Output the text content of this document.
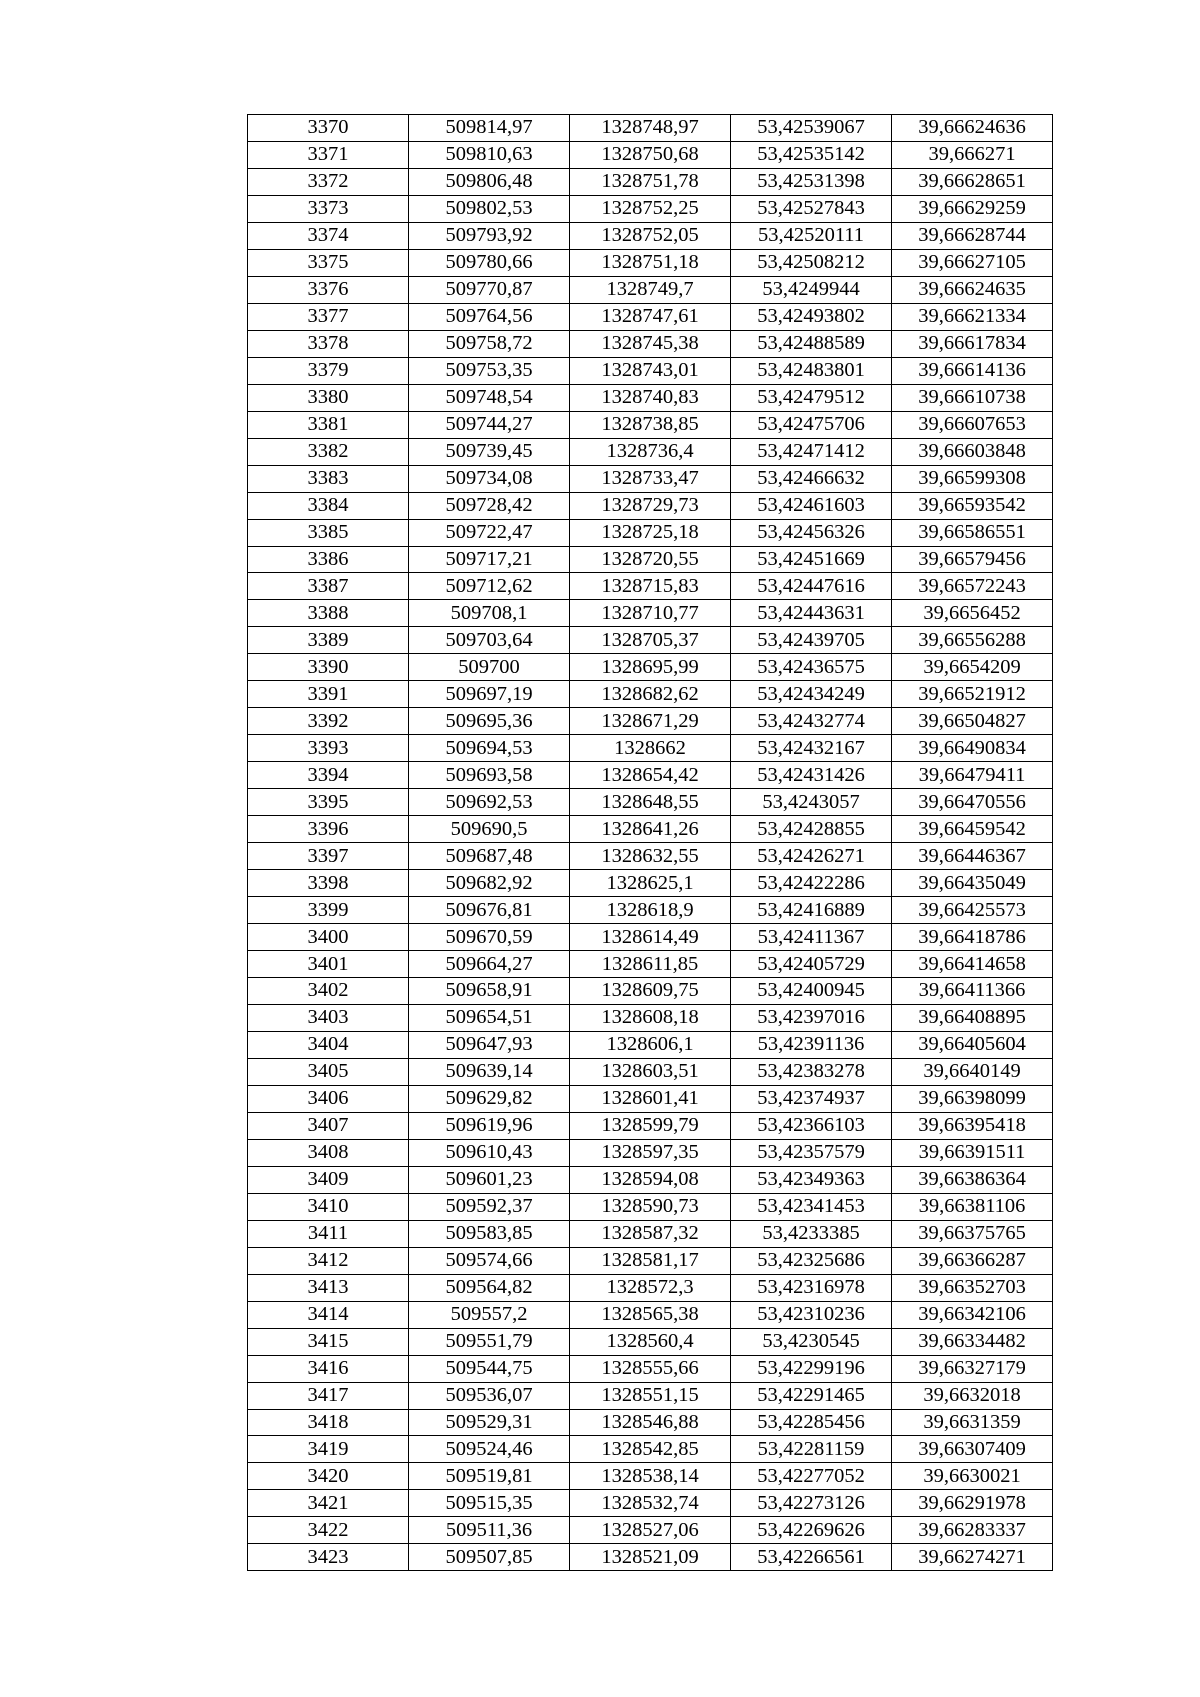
3370	509814,97	1328748,97	53,42539067	39,66624636
3371	509810,63	1328750,68	53,42535142	39,666271
3372	509806,48	1328751,78	53,42531398	39,66628651
3373	509802,53	1328752,25	53,42527843	39,66629259
3374	509793,92	1328752,05	53,42520111	39,66628744
3375	509780,66	1328751,18	53,42508212	39,66627105
3376	509770,87	1328749,7	53,4249944	39,66624635
3377	509764,56	1328747,61	53,42493802	39,66621334
3378	509758,72	1328745,38	53,42488589	39,66617834
3379	509753,35	1328743,01	53,42483801	39,66614136
3380	509748,54	1328740,83	53,42479512	39,66610738
3381	509744,27	1328738,85	53,42475706	39,66607653
3382	509739,45	1328736,4	53,42471412	39,66603848
3383	509734,08	1328733,47	53,42466632	39,66599308
3384	509728,42	1328729,73	53,42461603	39,66593542
3385	509722,47	1328725,18	53,42456326	39,66586551
3386	509717,21	1328720,55	53,42451669	39,66579456
3387	509712,62	1328715,83	53,42447616	39,66572243
3388	509708,1	1328710,77	53,42443631	39,6656452
3389	509703,64	1328705,37	53,42439705	39,66556288
3390	509700	1328695,99	53,42436575	39,6654209
3391	509697,19	1328682,62	53,42434249	39,66521912
3392	509695,36	1328671,29	53,42432774	39,66504827
3393	509694,53	1328662	53,42432167	39,66490834
3394	509693,58	1328654,42	53,42431426	39,66479411
3395	509692,53	1328648,55	53,4243057	39,66470556
3396	509690,5	1328641,26	53,42428855	39,66459542
3397	509687,48	1328632,55	53,42426271	39,66446367
3398	509682,92	1328625,1	53,42422286	39,66435049
3399	509676,81	1328618,9	53,42416889	39,66425573
3400	509670,59	1328614,49	53,42411367	39,66418786
3401	509664,27	1328611,85	53,42405729	39,66414658
3402	509658,91	1328609,75	53,42400945	39,66411366
3403	509654,51	1328608,18	53,42397016	39,66408895
3404	509647,93	1328606,1	53,42391136	39,66405604
3405	509639,14	1328603,51	53,42383278	39,6640149
3406	509629,82	1328601,41	53,42374937	39,66398099
3407	509619,96	1328599,79	53,42366103	39,66395418
3408	509610,43	1328597,35	53,42357579	39,66391511
3409	509601,23	1328594,08	53,42349363	39,66386364
3410	509592,37	1328590,73	53,42341453	39,66381106
3411	509583,85	1328587,32	53,4233385	39,66375765
3412	509574,66	1328581,17	53,42325686	39,66366287
3413	509564,82	1328572,3	53,42316978	39,66352703
3414	509557,2	1328565,38	53,42310236	39,66342106
3415	509551,79	1328560,4	53,4230545	39,66334482
3416	509544,75	1328555,66	53,42299196	39,66327179
3417	509536,07	1328551,15	53,42291465	39,6632018
3418	509529,31	1328546,88	53,42285456	39,6631359
3419	509524,46	1328542,85	53,42281159	39,66307409
3420	509519,81	1328538,14	53,42277052	39,6630021
3421	509515,35	1328532,74	53,42273126	39,66291978
3422	509511,36	1328527,06	53,42269626	39,66283337
3423	509507,85	1328521,09	53,42266561	39,66274271
